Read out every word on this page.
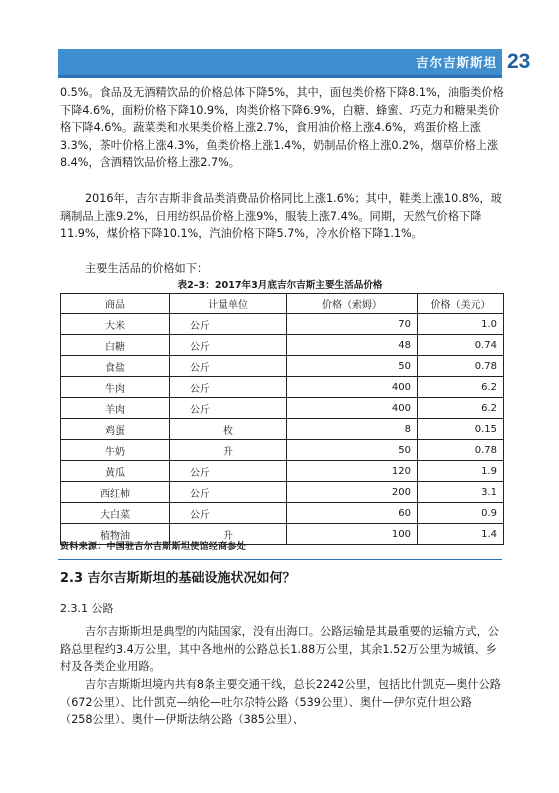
吉尔吉斯斯坦 23

0.5%。食品及无酒精饮品的价格总体下降5%，其中，面包类价格下降8.1%，油脂类价格下降4.6%，面粉价格下降10.9%，肉类价格下降6.9%，白糖、蜂蜜、巧克力和糖果类价格下降4.6%。蔬菜类和水果类价格上涨2.7%，食用油价格上涨4.6%，鸡蛋价格上涨3.3%，茶叶价格上涨4.3%，鱼类价格上涨1.4%，奶制品价格上涨0.2%，烟草价格上涨8.4%，含酒精饮品价格上涨2.7%。

2016年，吉尔吉斯非食品类消费品价格同比上涨1.6%；其中，鞋类上涨10.8%，玻璃制品上涨9.2%，日用纺织品价格上涨9%，服装上涨7.4%。同期，天然气价格下降11.9%，煤价格下降10.1%，汽油价格下降5.7%，冷水价格下降1.1%。

主要生活品的价格如下：

表2–3：2017年3月底吉尔吉斯主要生活品价格
商品	计量单位	价格（索姆）	价格（美元）
大米	公斤	70	1.0
白糖	公斤	48	0.74
食盐	公斤	50	0.78
牛肉	公斤	400	6.2
羊肉	公斤	400	6.2
鸡蛋	枚	8	0.15
牛奶	升	50	0.78
黄瓜	公斤	120	1.9
西红柿	公斤	200	3.1
大白菜	公斤	60	0.9
植物油	升	100	1.4
资料来源：中国驻吉尔吉斯斯坦使馆经商参处
2.3 吉尔吉斯斯坦的基础设施状况如何？
2.3.1 公路

吉尔吉斯斯坦是典型的内陆国家，没有出海口。公路运输是其最重要的运输方式，公路总里程约3.4万公里，其中各地州的公路总长1.88万公里，其余1.52万公里为城镇、乡村及各类企业用路。

吉尔吉斯斯坦境内共有8条主要交通干线，总长2242公里，包括比什凯克—奥什公路（672公里）、比什凯克—纳伦—吐尔尕特公路（539公里）、奥什—伊尔克什坦公路（258公里）、奥什—伊斯法纳公路（385公里）、
